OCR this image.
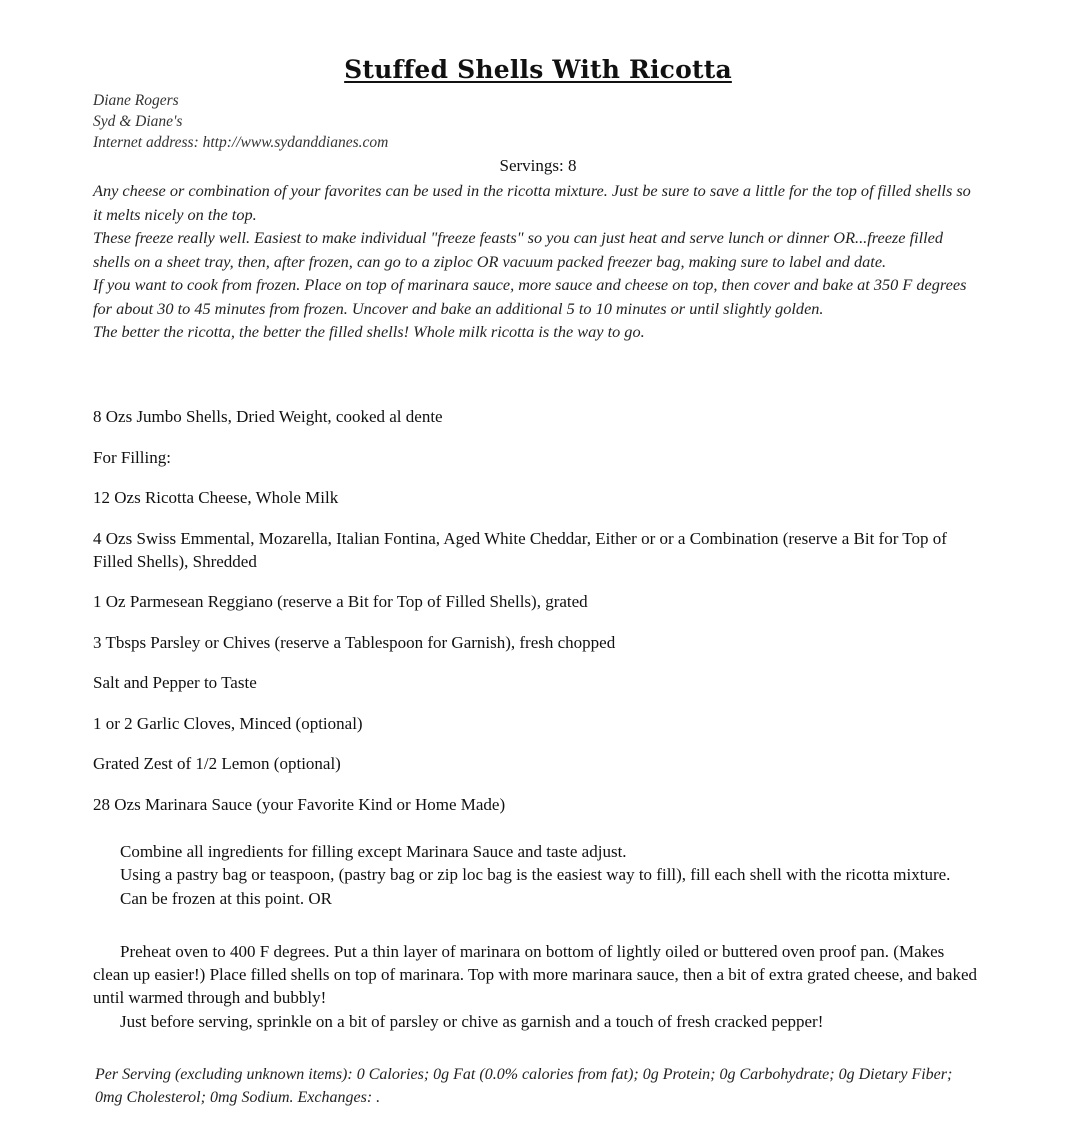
Stuffed Shells With Ricotta
Diane Rogers
Syd & Diane's
Internet address: http://www.sydanddianes.com
Servings: 8

Any cheese or combination of your favorites can be used in the ricotta mixture. Just be sure to save a little for the top of filled shells so it melts nicely on the top.

These freeze really well. Easiest to make individual "freeze feasts" so you can just heat and serve lunch or dinner OR...freeze filled shells on a sheet tray, then, after frozen, can go to a ziploc OR vacuum packed freezer bag, making sure to label and date.

If you want to cook from frozen. Place on top of marinara sauce, more sauce and cheese on top, then cover and bake at 350 F degrees for about 30 to 45 minutes from frozen. Uncover and bake an additional 5 to 10 minutes or until slightly golden.

The better the ricotta, the better the filled shells! Whole milk ricotta is the way to go.

8 Ozs Jumbo Shells, Dried Weight, cooked al dente
For Filling:
12 Ozs Ricotta Cheese, Whole Milk
4 Ozs Swiss Emmental, Mozarella, Italian Fontina, Aged White Cheddar, Either or or a Combination (reserve a Bit for Top of Filled Shells), Shredded
1 Oz Parmesean Reggiano (reserve a Bit for Top of Filled Shells), grated
3 Tbsps Parsley or Chives (reserve a Tablespoon for Garnish), fresh chopped
Salt and Pepper to Taste
1 or 2 Garlic Cloves, Minced (optional)
Grated Zest of 1/2 Lemon (optional)
28 Ozs Marinara Sauce (your Favorite Kind or Home Made)

Combine all ingredients for filling except Marinara Sauce and taste adjust.

Using a pastry bag or teaspoon, (pastry bag or zip loc bag is the easiest way to fill), fill each shell with the ricotta mixture.

Can be frozen at this point. OR

Preheat oven to 400 F degrees. Put a thin layer of marinara on bottom of lightly oiled or buttered oven proof pan. (Makes clean up easier!) Place filled shells on top of marinara. Top with more marinara sauce, then a bit of extra grated cheese, and baked until warmed through and bubbly!

Just before serving, sprinkle on a bit of parsley or chive as garnish and a touch of fresh cracked pepper!

Per Serving (excluding unknown items): 0 Calories; 0g Fat (0.0% calories from fat); 0g Protein; 0g Carbohydrate; 0g Dietary Fiber; 0mg Cholesterol; 0mg Sodium. Exchanges: .
